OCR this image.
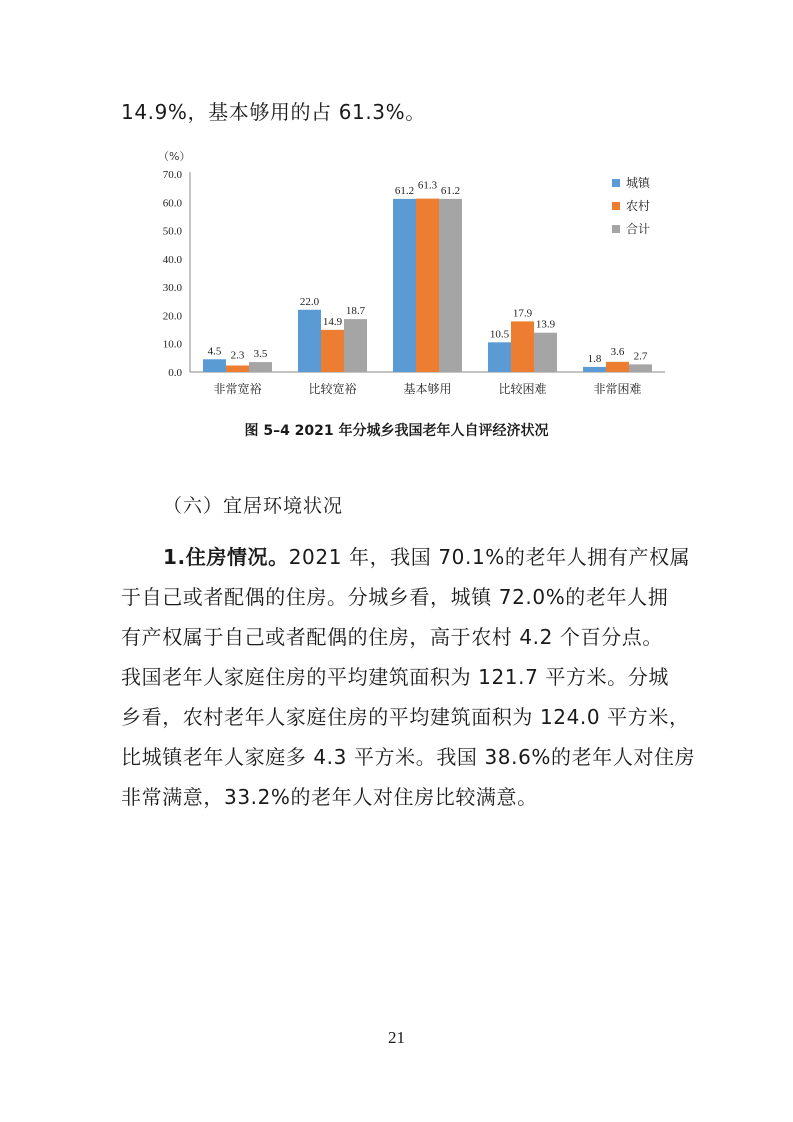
14.9%，基本够用的占 61.3%。
（%）
0.0
10.0
20.0
30.0
40.0
50.0
60.0
70.0
非常宽裕	比较宽裕	基本够用	比较困难	非常困难
4.5 2.3 3.5
22.0
14.9
18.7
61.2 61.3 61.2
10.5
17.9
13.9
1.8
3.6 2.7
城镇
农村
合计
图 5–4 2021 年分城乡我国老年人自评经济状况
（六）宜居环境状况
1.住房情况。2021 年，我国 70.1%的老年人拥有产权属
于自己或者配偶的住房。分城乡看，城镇 72.0%的老年人拥
有产权属于自己或者配偶的住房，高于农村 4.2 个百分点。
我国老年人家庭住房的平均建筑面积为 121.7 平方米。分城
乡看，农村老年人家庭住房的平均建筑面积为 124.0 平方米，
比城镇老年人家庭多 4.3 平方米。我国 38.6%的老年人对住房
非常满意，33.2%的老年人对住房比较满意。
21
